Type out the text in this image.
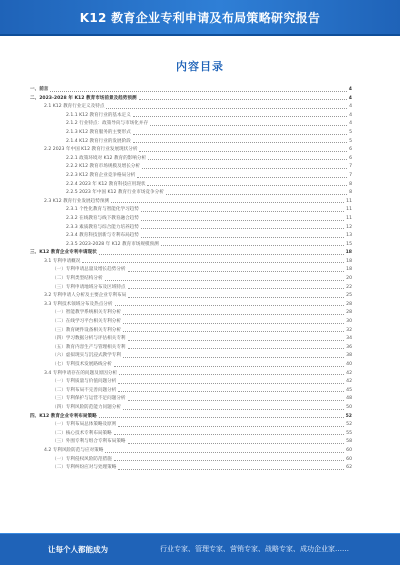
K12 教育企业专利申请及布局策略研究报告
内容目录
一、前言	4
二、2023-2028 年 K12 教育市场前景及趋势预测	4
2.1 K12 教育行业定义及特点	4
2.1.1 K12 教育行业的基本定义	4
2.1.2 行业特点：政策导向与市场化并存	4
2.1.3 K12 教育服务的主要形式	5
2.1.4 K12 教育行业的发展阶段	5
2.2 2023 年中国 K12 教育行业发展现状分析	6
2.2.1 政策环境对 K12 教育的影响分析	6
2.2.2 K12 教育市场规模及增长分析	7
2.2.3 K12 教育企业竞争格局分析	7
2.2.4 2023 年 K12 教育科技应用现状	8
2.2.5 2023 年中国 K12 教育行业市场竞争分析	8
2.3 K12 教育行业发展趋势预测	11
2.3.1 个性化教育与智能化学习趋势	11
2.3.2 在线教育与线下教育融合趋势	11
2.3.3 素质教育与综合能力培养趋势	12
2.3.4 教育科技创新与专利布局趋势	13
2.3.5 2023-2028 年 K12 教育市场规模预测	15
三、K12 教育企业专利申请现状	18
3.1 专利申请概况	18
（一）专利申请总量及增长趋势分析	18
（二）专利类型结构分析	20
（三）专利申请地域分布及区域特点	22
3.2 专利申请人分析及主要企业专利布局	25
3.3 专利技术领域分布及热点分析	28
（一）智能教学系统相关专利分析	28
（二）在线学习平台相关专利分析	30
（三）教育硬件设备相关专利分析	32
（四）学习数据分析与评估相关专利	34
（五）教育内容生产与管理相关专利	36
（六）虚拟现实与沉浸式教学专利	38
（七）专利技术发展路线分析	40
3.4 专利申请存在的问题及原因分析	42
（一）专利质量与价值问题分析	42
（二）专利布局不完善问题分析	45
（三）专利保护与运营不足问题分析	48
（四）专利风险防范能力问题分析	50
四、K12 教育企业专利布局策略	52
（一）专利布局总体策略及原则	52
（二）核心技术专利布局策略	55
（三）外围专利与组合专利布局策略	58
4.2 专利风险防范与应对策略	60
（一）专利侵权风险防范措施	60
（二）专利纠纷应对与处理策略	62
让每个人都能成为	行业专家、管理专家、营销专家、战略专家、成功企业家……
